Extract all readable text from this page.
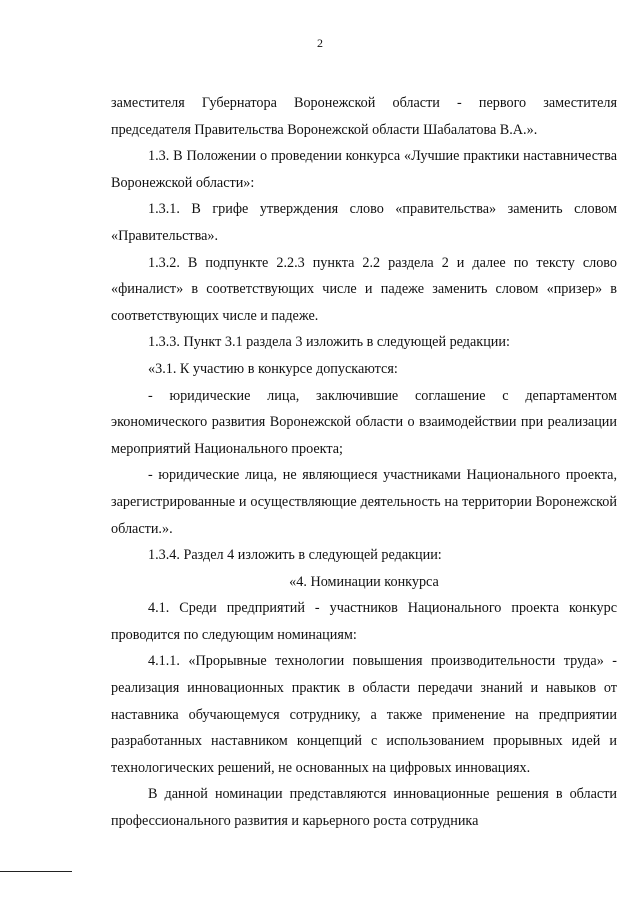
2

заместителя Губернатора Воронежской области - первого заместителя председателя Правительства Воронежской области Шабалатова В.А.».

1.3. В Положении о проведении конкурса «Лучшие практики наставничества Воронежской области»:

1.3.1. В грифе утверждения слово «правительства» заменить словом «Правительства».

1.3.2. В подпункте 2.2.3 пункта 2.2 раздела 2 и далее по тексту слово «финалист» в соответствующих числе и падеже заменить словом «призер» в соответствующих числе и падеже.

1.3.3. Пункт 3.1 раздела 3 изложить в следующей редакции:

«3.1. К участию в конкурсе допускаются:

- юридические лица, заключившие соглашение с департаментом экономического развития Воронежской области о взаимодействии при реализации мероприятий Национального проекта;

- юридические лица, не являющиеся участниками Национального проекта, зарегистрированные и осуществляющие деятельность на территории Воронежской области.».

1.3.4. Раздел 4 изложить в следующей редакции:

«4. Номинации конкурса

4.1. Среди предприятий - участников Национального проекта конкурс проводится по следующим номинациям:

4.1.1. «Прорывные технологии повышения производительности труда» - реализация инновационных практик в области передачи знаний и навыков от наставника обучающемуся сотруднику, а также применение на предприятии разработанных наставником концепций с использованием прорывных идей и технологических решений, не основанных на цифровых инновациях.

В данной номинации представляются инновационные решения в области профессионального развития и карьерного роста сотрудника
